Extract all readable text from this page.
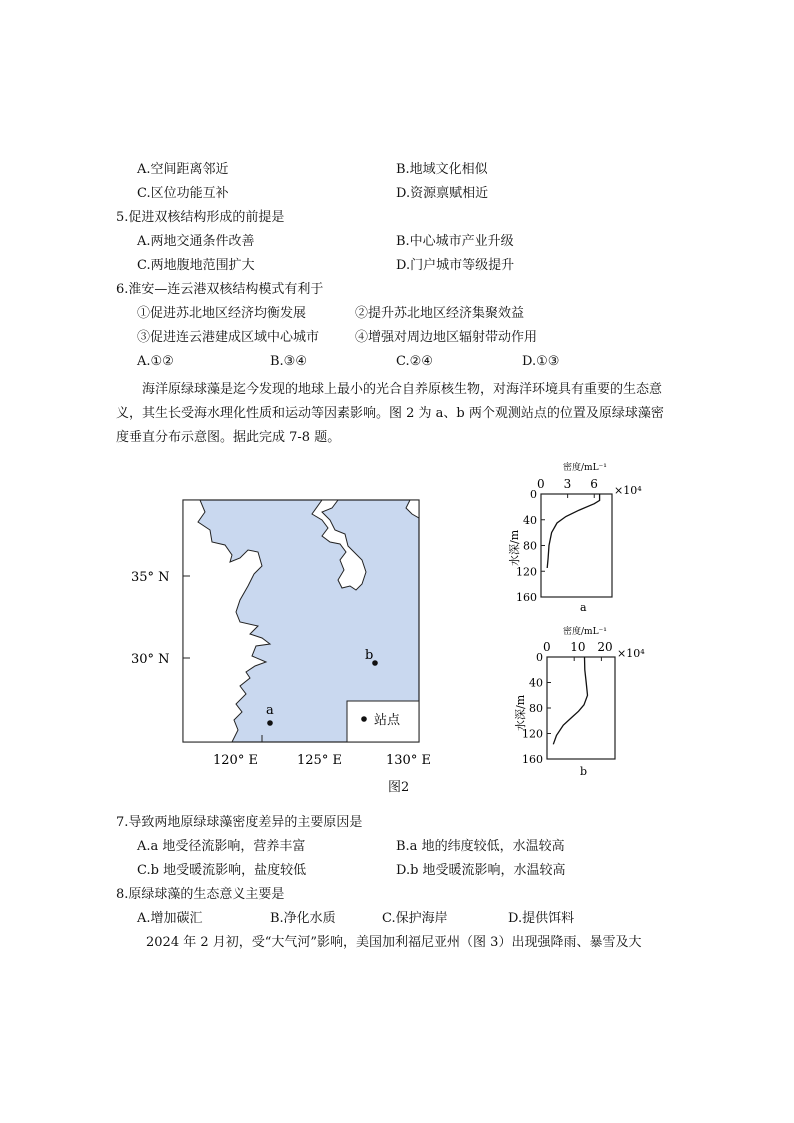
A.空间距离邻近	B.地域文化相似
C.区位功能互补	D.资源禀赋相近
5.促进双核结构形成的前提是
A.两地交通条件改善	B.中心城市产业升级
C.两地腹地范围扩大	D.门户城市等级提升
6.淮安—连云港双核结构模式有利于
①促进苏北地区经济均衡发展	②提升苏北地区经济集聚效益
③促进连云港建成区域中心城市	④增强对周边地区辐射带动作用
A.①②	B.③④	C.②④	D.①③
海洋原绿球藻是迄今发现的地球上最小的光合自养原核生物，对海洋环境具有重要的生态意义，其生长受海水理化性质和运动等因素影响。图 2 为 a、b 两个观测站点的位置及原绿球藻密度垂直分布示意图。据此完成 7-8 题。
35° N
30° N
120° E	125° E	130° E
a
b
站点
密度/mL⁻¹
×10⁴
0 3 6
0
40
80
120
160
水深/m
a
密度/mL⁻¹
×10⁴
0 10 20
0
40
80
120
160
水深/m
b
图2
7.导致两地原绿球藻密度差异的主要原因是
A.a 地受径流影响，营养丰富	B.a 地的纬度较低，水温较高
C.b 地受暖流影响，盐度较低	D.b 地受暖流影响，水温较高
8.原绿球藻的生态意义主要是
A.增加碳汇	B.净化水质	C.保护海岸	D.提供饵料
2024 年 2 月初，受“大气河”影响，美国加利福尼亚州（图 3）出现强降雨、暴雪及大
